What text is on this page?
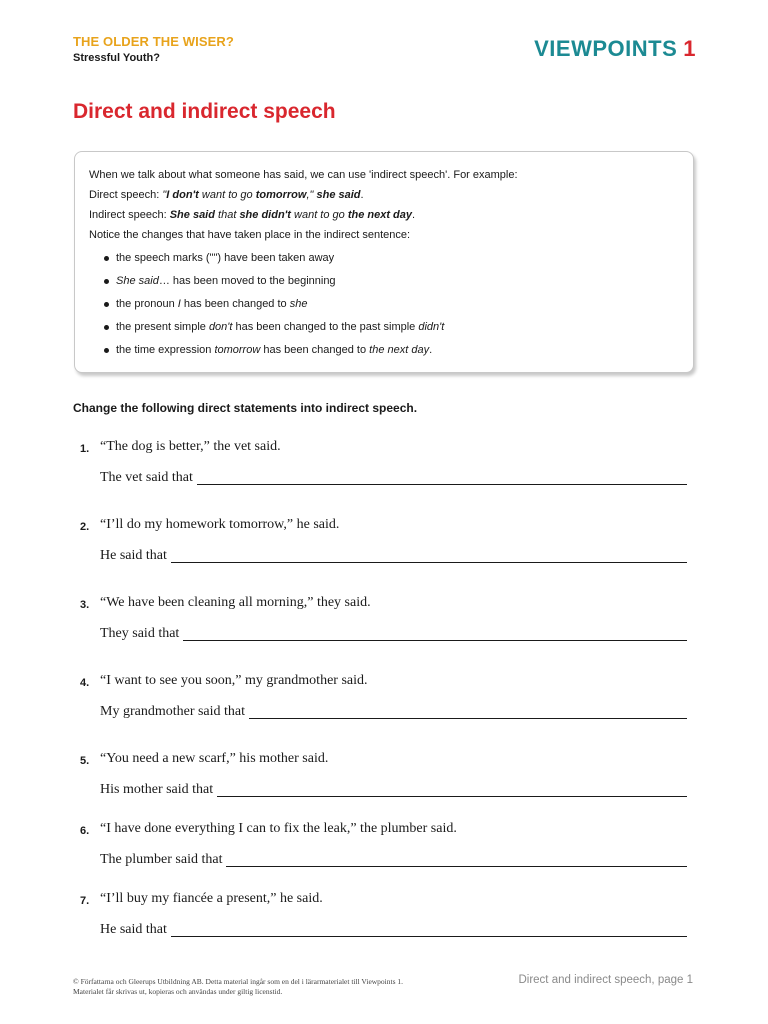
THE OLDER THE WISER?
Stressful Youth?	VIEWPOINTS 1
Direct and indirect speech
When we talk about what someone has said, we can use 'indirect speech'. For example:
Direct speech: "I don't want to go tomorrow," she said.
Indirect speech: She said that she didn't want to go the next day.
Notice the changes that have taken place in the indirect sentence:
the speech marks ("") have been taken away
She said… has been moved to the beginning
the pronoun I has been changed to she
the present simple don't has been changed to the past simple didn't
the time expression tomorrow has been changed to the next day.
Change the following direct statements into indirect speech.
1. “The dog is better,” the vet said.
The vet said that
2. “I’ll do my homework tomorrow,” he said.
He said that
3. “We have been cleaning all morning,” they said.
They said that
4. “I want to see you soon,” my grandmother said.
My grandmother said that
5. “You need a new scarf,” his mother said.
His mother said that
6. “I have done everything I can to fix the leak,” the plumber said.
The plumber said that
7. “I’ll buy my fiancée a present,” he said.
He said that
© Författarna och Gleerups Utbildning AB. Detta material ingår som en del i lärarmaterialet till Viewpoints 1.
Materialet får skrivas ut, kopieras och användas under giltig licenstid.
Direct and indirect speech, page 1
